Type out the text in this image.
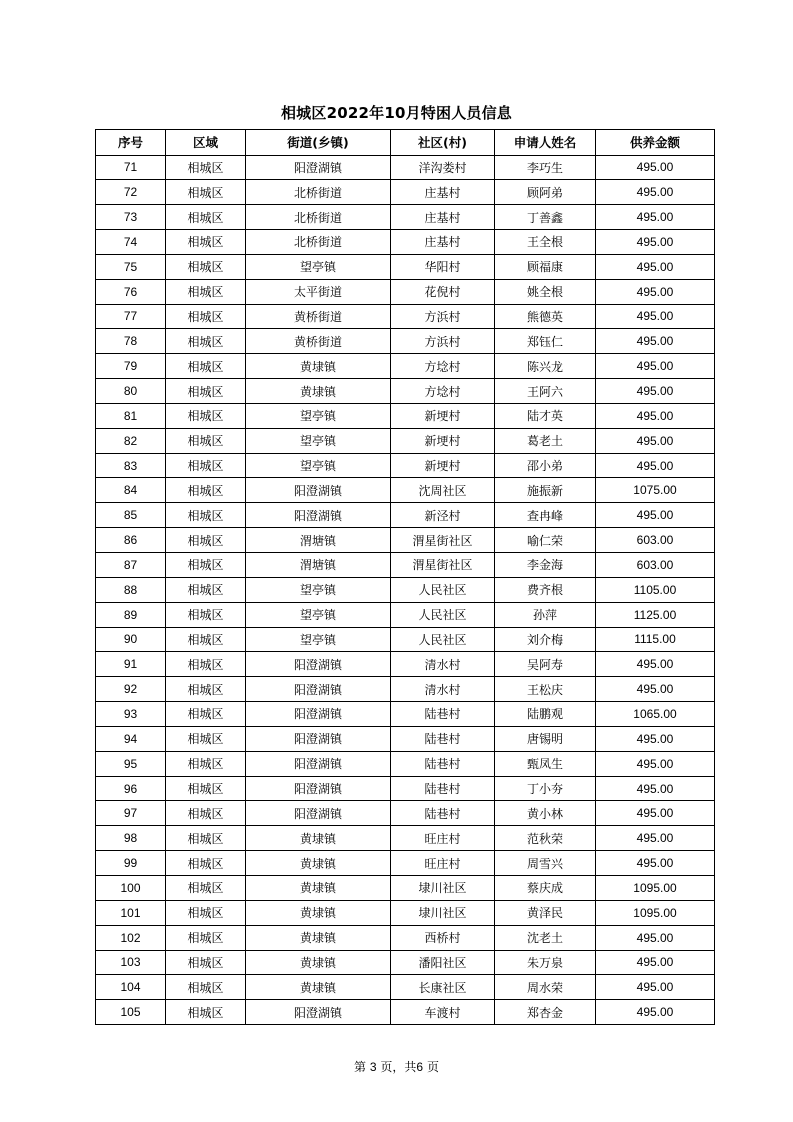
相城区2022年10月特困人员信息
序号	区域	街道(乡镇)	社区(村)	申请人姓名	供养金额
71	相城区	阳澄湖镇	洋沟娄村	李巧生	495.00
72	相城区	北桥街道	庄基村	顾阿弟	495.00
73	相城区	北桥街道	庄基村	丁善鑫	495.00
74	相城区	北桥街道	庄基村	王全根	495.00
75	相城区	望亭镇	华阳村	顾福康	495.00
76	相城区	太平街道	花倪村	姚全根	495.00
77	相城区	黄桥街道	方浜村	熊德英	495.00
78	相城区	黄桥街道	方浜村	郑钰仁	495.00
79	相城区	黄埭镇	方埝村	陈兴龙	495.00
80	相城区	黄埭镇	方埝村	王阿六	495.00
81	相城区	望亭镇	新埂村	陆才英	495.00
82	相城区	望亭镇	新埂村	葛老土	495.00
83	相城区	望亭镇	新埂村	邵小弟	495.00
84	相城区	阳澄湖镇	沈周社区	施振新	1075.00
85	相城区	阳澄湖镇	新泾村	查冉峰	495.00
86	相城区	渭塘镇	渭星街社区	喻仁荣	603.00
87	相城区	渭塘镇	渭星街社区	李金海	603.00
88	相城区	望亭镇	人民社区	费齐根	1105.00
89	相城区	望亭镇	人民社区	孙萍	1125.00
90	相城区	望亭镇	人民社区	刘介梅	1115.00
91	相城区	阳澄湖镇	清水村	吴阿寿	495.00
92	相城区	阳澄湖镇	清水村	王松庆	495.00
93	相城区	阳澄湖镇	陆巷村	陆鹏观	1065.00
94	相城区	阳澄湖镇	陆巷村	唐锡明	495.00
95	相城区	阳澄湖镇	陆巷村	甄凤生	495.00
96	相城区	阳澄湖镇	陆巷村	丁小夯	495.00
97	相城区	阳澄湖镇	陆巷村	黄小林	495.00
98	相城区	黄埭镇	旺庄村	范秋荣	495.00
99	相城区	黄埭镇	旺庄村	周雪兴	495.00
100	相城区	黄埭镇	埭川社区	蔡庆成	1095.00
101	相城区	黄埭镇	埭川社区	黄泽民	1095.00
102	相城区	黄埭镇	西桥村	沈老土	495.00
103	相城区	黄埭镇	潘阳社区	朱万泉	495.00
104	相城区	黄埭镇	长康社区	周水荣	495.00
105	相城区	阳澄湖镇	车渡村	郑杏金	495.00
第 3 页，共6 页
